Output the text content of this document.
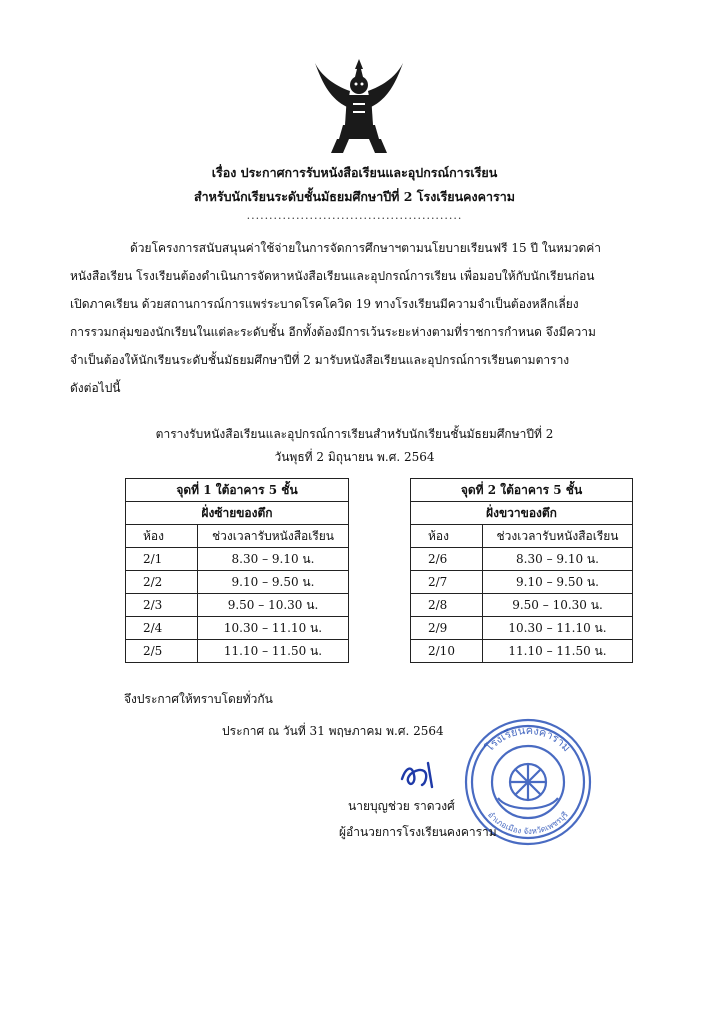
เรื่อง ประกาศการรับหนังสือเรียนและอุปกรณ์การเรียน
สำหรับนักเรียนระดับชั้นมัธยมศึกษาปีที่ 2 โรงเรียนคงคาราม
................................................
ด้วยโครงการสนับสนุนค่าใช้จ่ายในการจัดการศึกษาฯตามนโยบายเรียนฟรี 15 ปี ในหมวดค่า
หนังสือเรียน โรงเรียนต้องดำเนินการจัดหาหนังสือเรียนและอุปกรณ์การเรียน เพื่อมอบให้กับนักเรียนก่อน
เปิดภาคเรียน ด้วยสถานการณ์การแพร่ระบาดโรคโควิด 19 ทางโรงเรียนมีความจำเป็นต้องหลีกเลี่ยง
การรวมกลุ่มของนักเรียนในแต่ละระดับชั้น อีกทั้งต้องมีการเว้นระยะห่างตามที่ราชการกำหนด จึงมีความ
จำเป็นต้องให้นักเรียนระดับชั้นมัธยมศึกษาปีที่ 2 มารับหนังสือเรียนและอุปกรณ์การเรียนตามตาราง
ดังต่อไปนี้
ตารางรับหนังสือเรียนและอุปกรณ์การเรียนสำหรับนักเรียนชั้นมัธยมศึกษาปีที่ 2
วันพุธที่ 2 มิถุนายน พ.ศ. 2564
จุดที่ 1 ใต้อาคาร 5 ชั้น	
ฝั่งซ้ายของตึก	
ห้อง	ช่วงเวลารับหนังสือเรียน
2/1	8.30 – 9.10 น.
2/2	9.10 – 9.50 น.
2/3	9.50 – 10.30 น.
2/4	10.30 – 11.10 น.
2/5	11.10 – 11.50 น.
จุดที่ 2 ใต้อาคาร 5 ชั้น	
ฝั่งขวาของตึก	
ห้อง	ช่วงเวลารับหนังสือเรียน
2/6	8.30 – 9.10 น.
2/7	9.10 – 9.50 น.
2/8	9.50 – 10.30 น.
2/9	10.30 – 11.10 น.
2/10	11.10 – 11.50 น.
จึงประกาศให้ทราบโดยทั่วกัน
ประกาศ ณ วันที่ 31 พฤษภาคม พ.ศ. 2564
โรงเรียนคงคาราม
อำเภอเมือง จังหวัดเพชรบุรี
นายบุญช่วย ราดวงศ์
ผู้อำนวยการโรงเรียนคงคาราม
